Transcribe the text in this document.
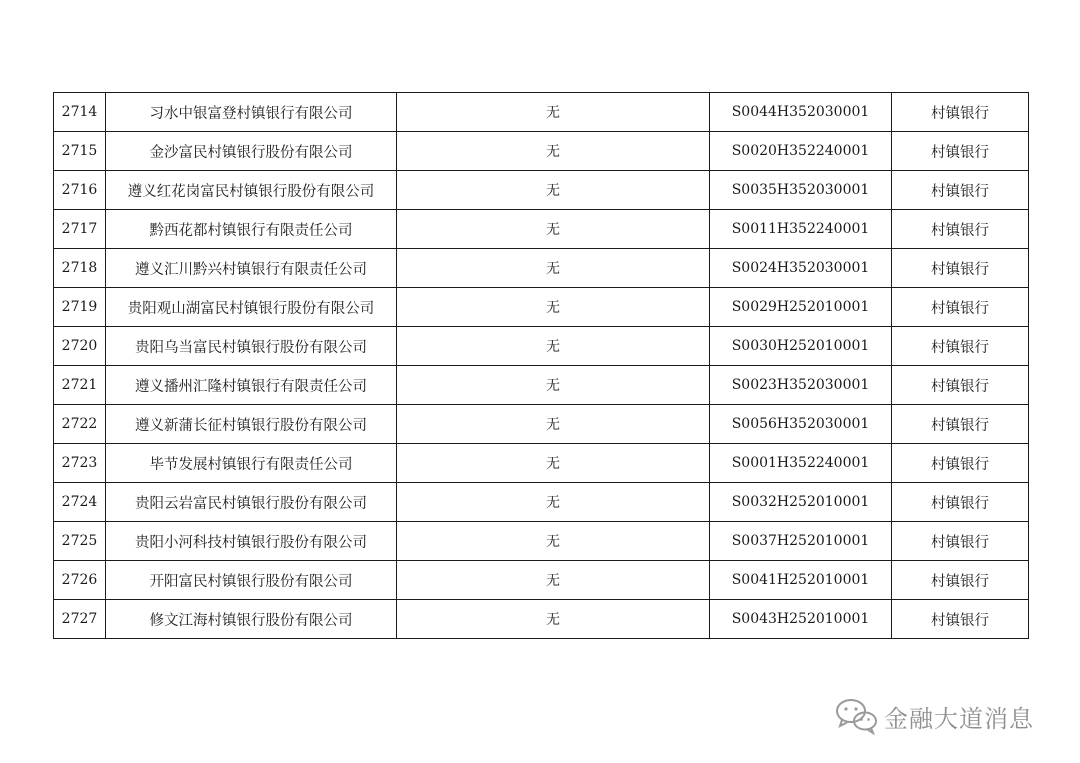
2714	习水中银富登村镇银行有限公司	无	S0044H352030001	村镇银行
2715	金沙富民村镇银行股份有限公司	无	S0020H352240001	村镇银行
2716	遵义红花岗富民村镇银行股份有限公司	无	S0035H352030001	村镇银行
2717	黔西花都村镇银行有限责任公司	无	S0011H352240001	村镇银行
2718	遵义汇川黔兴村镇银行有限责任公司	无	S0024H352030001	村镇银行
2719	贵阳观山湖富民村镇银行股份有限公司	无	S0029H252010001	村镇银行
2720	贵阳乌当富民村镇银行股份有限公司	无	S0030H252010001	村镇银行
2721	遵义播州汇隆村镇银行有限责任公司	无	S0023H352030001	村镇银行
2722	遵义新蒲长征村镇银行股份有限公司	无	S0056H352030001	村镇银行
2723	毕节发展村镇银行有限责任公司	无	S0001H352240001	村镇银行
2724	贵阳云岩富民村镇银行股份有限公司	无	S0032H252010001	村镇银行
2725	贵阳小河科技村镇银行股份有限公司	无	S0037H252010001	村镇银行
2726	开阳富民村镇银行股份有限公司	无	S0041H252010001	村镇银行
2727	修文江海村镇银行股份有限公司	无	S0043H252010001	村镇银行
金融大道消息
